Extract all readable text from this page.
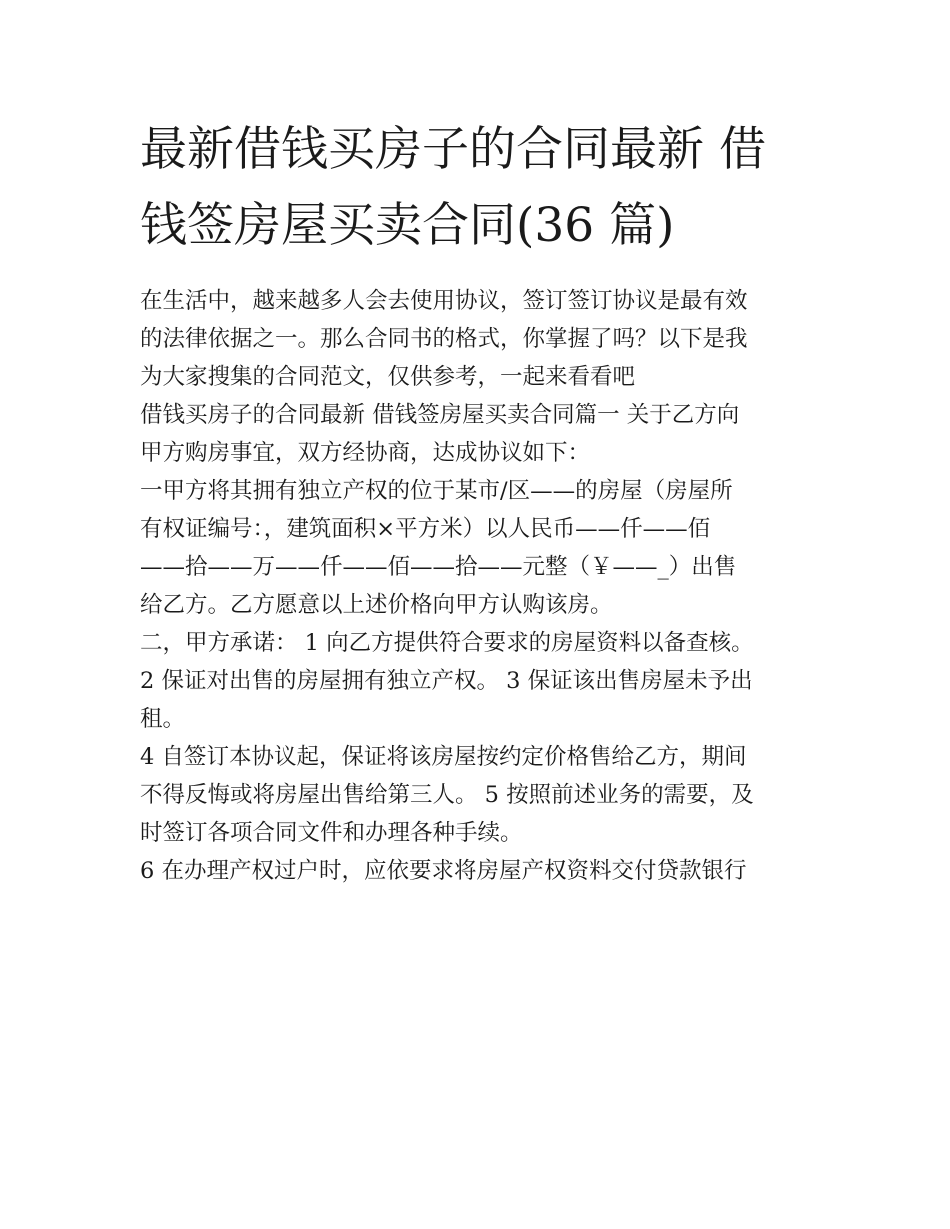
最新借钱买房子的合同最新 借
钱签房屋买卖合同(36 篇)
在生活中，越来越多人会去使用协议，签订签订协议是最有效
的法律依据之一。那么合同书的格式，你掌握了吗？以下是我
为大家搜集的合同范文，仅供参考，一起来看看吧
借钱买房子的合同最新 借钱签房屋买卖合同篇一 关于乙方向
甲方购房事宜，双方经协商，达成协议如下：
一甲方将其拥有独立产权的位于某市/区——的房屋（房屋所
有权证编号：，建筑面积×平方米）以人民币——仟——佰
——拾——万——仟——佰——拾——元整（￥——_）出售
给乙方。乙方愿意以上述价格向甲方认购该房。
二，甲方承诺： 1 向乙方提供符合要求的房屋资料以备查核。
2 保证对出售的房屋拥有独立产权。 3 保证该出售房屋未予出
租。
4 自签订本协议起，保证将该房屋按约定价格售给乙方，期间
不得反悔或将房屋出售给第三人。 5 按照前述业务的需要，及
时签订各项合同文件和办理各种手续。
6 在办理产权过户时，应依要求将房屋产权资料交付贷款银行
